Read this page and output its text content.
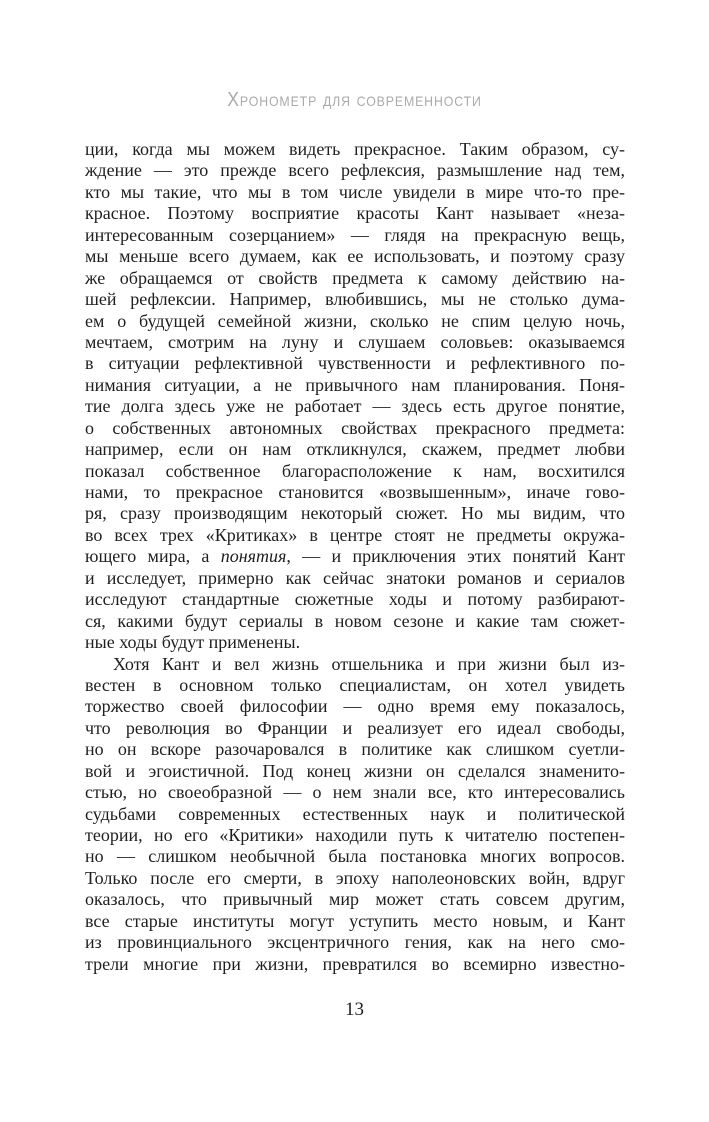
Хронометр для современности
ции, когда мы можем видеть прекрасное. Таким образом, су-
ждение — это прежде всего рефлексия, размышление над тем,
кто мы такие, что мы в том числе увидели в мире что-то пре-
красное. Поэтому восприятие красоты Кант называет «неза-
интересованным созерцанием» — глядя на прекрасную вещь,
мы меньше всего думаем, как ее использовать, и поэтому сразу
же обращаемся от свойств предмета к самому действию на-
шей рефлексии. Например, влюбившись, мы не столько дума-
ем о будущей семейной жизни, сколько не спим целую ночь,
мечтаем, смотрим на луну и слушаем соловьев: оказываемся
в ситуации рефлективной чувственности и рефлективного по-
нимания ситуации, а не привычного нам планирования. Поня-
тие долга здесь уже не работает — здесь есть другое понятие,
о собственных автономных свойствах прекрасного предмета:
например, если он нам откликнулся, скажем, предмет любви
показал собственное благорасположение к нам, восхитился
нами, то прекрасное становится «возвышенным», иначе гово-
ря, сразу производящим некоторый сюжет. Но мы видим, что
во всех трех «Критиках» в центре стоят не предметы окружа-
ющего мира, а понятия, — и приключения этих понятий Кант
и исследует, примерно как сейчас знатоки романов и сериалов
исследуют стандартные сюжетные ходы и потому разбирают-
ся, какими будут сериалы в новом сезоне и какие там сюжет-
ные ходы будут применены.
Хотя Кант и вел жизнь отшельника и при жизни был из-
вестен в основном только специалистам, он хотел увидеть
торжество своей философии — одно время ему показалось,
что революция во Франции и реализует его идеал свободы,
но он вскоре разочаровался в политике как слишком суетли-
вой и эгоистичной. Под конец жизни он сделался знаменито-
стью, но своеобразной — о нем знали все, кто интересовались
судьбами современных естественных наук и политической
теории, но его «Критики» находили путь к читателю постепен-
но — слишком необычной была постановка многих вопросов.
Только после его смерти, в эпоху наполеоновских войн, вдруг
оказалось, что привычный мир может стать совсем другим,
все старые институты могут уступить место новым, и Кант
из провинциального эксцентричного гения, как на него смо-
трели многие при жизни, превратился во всемирно известно-
13
